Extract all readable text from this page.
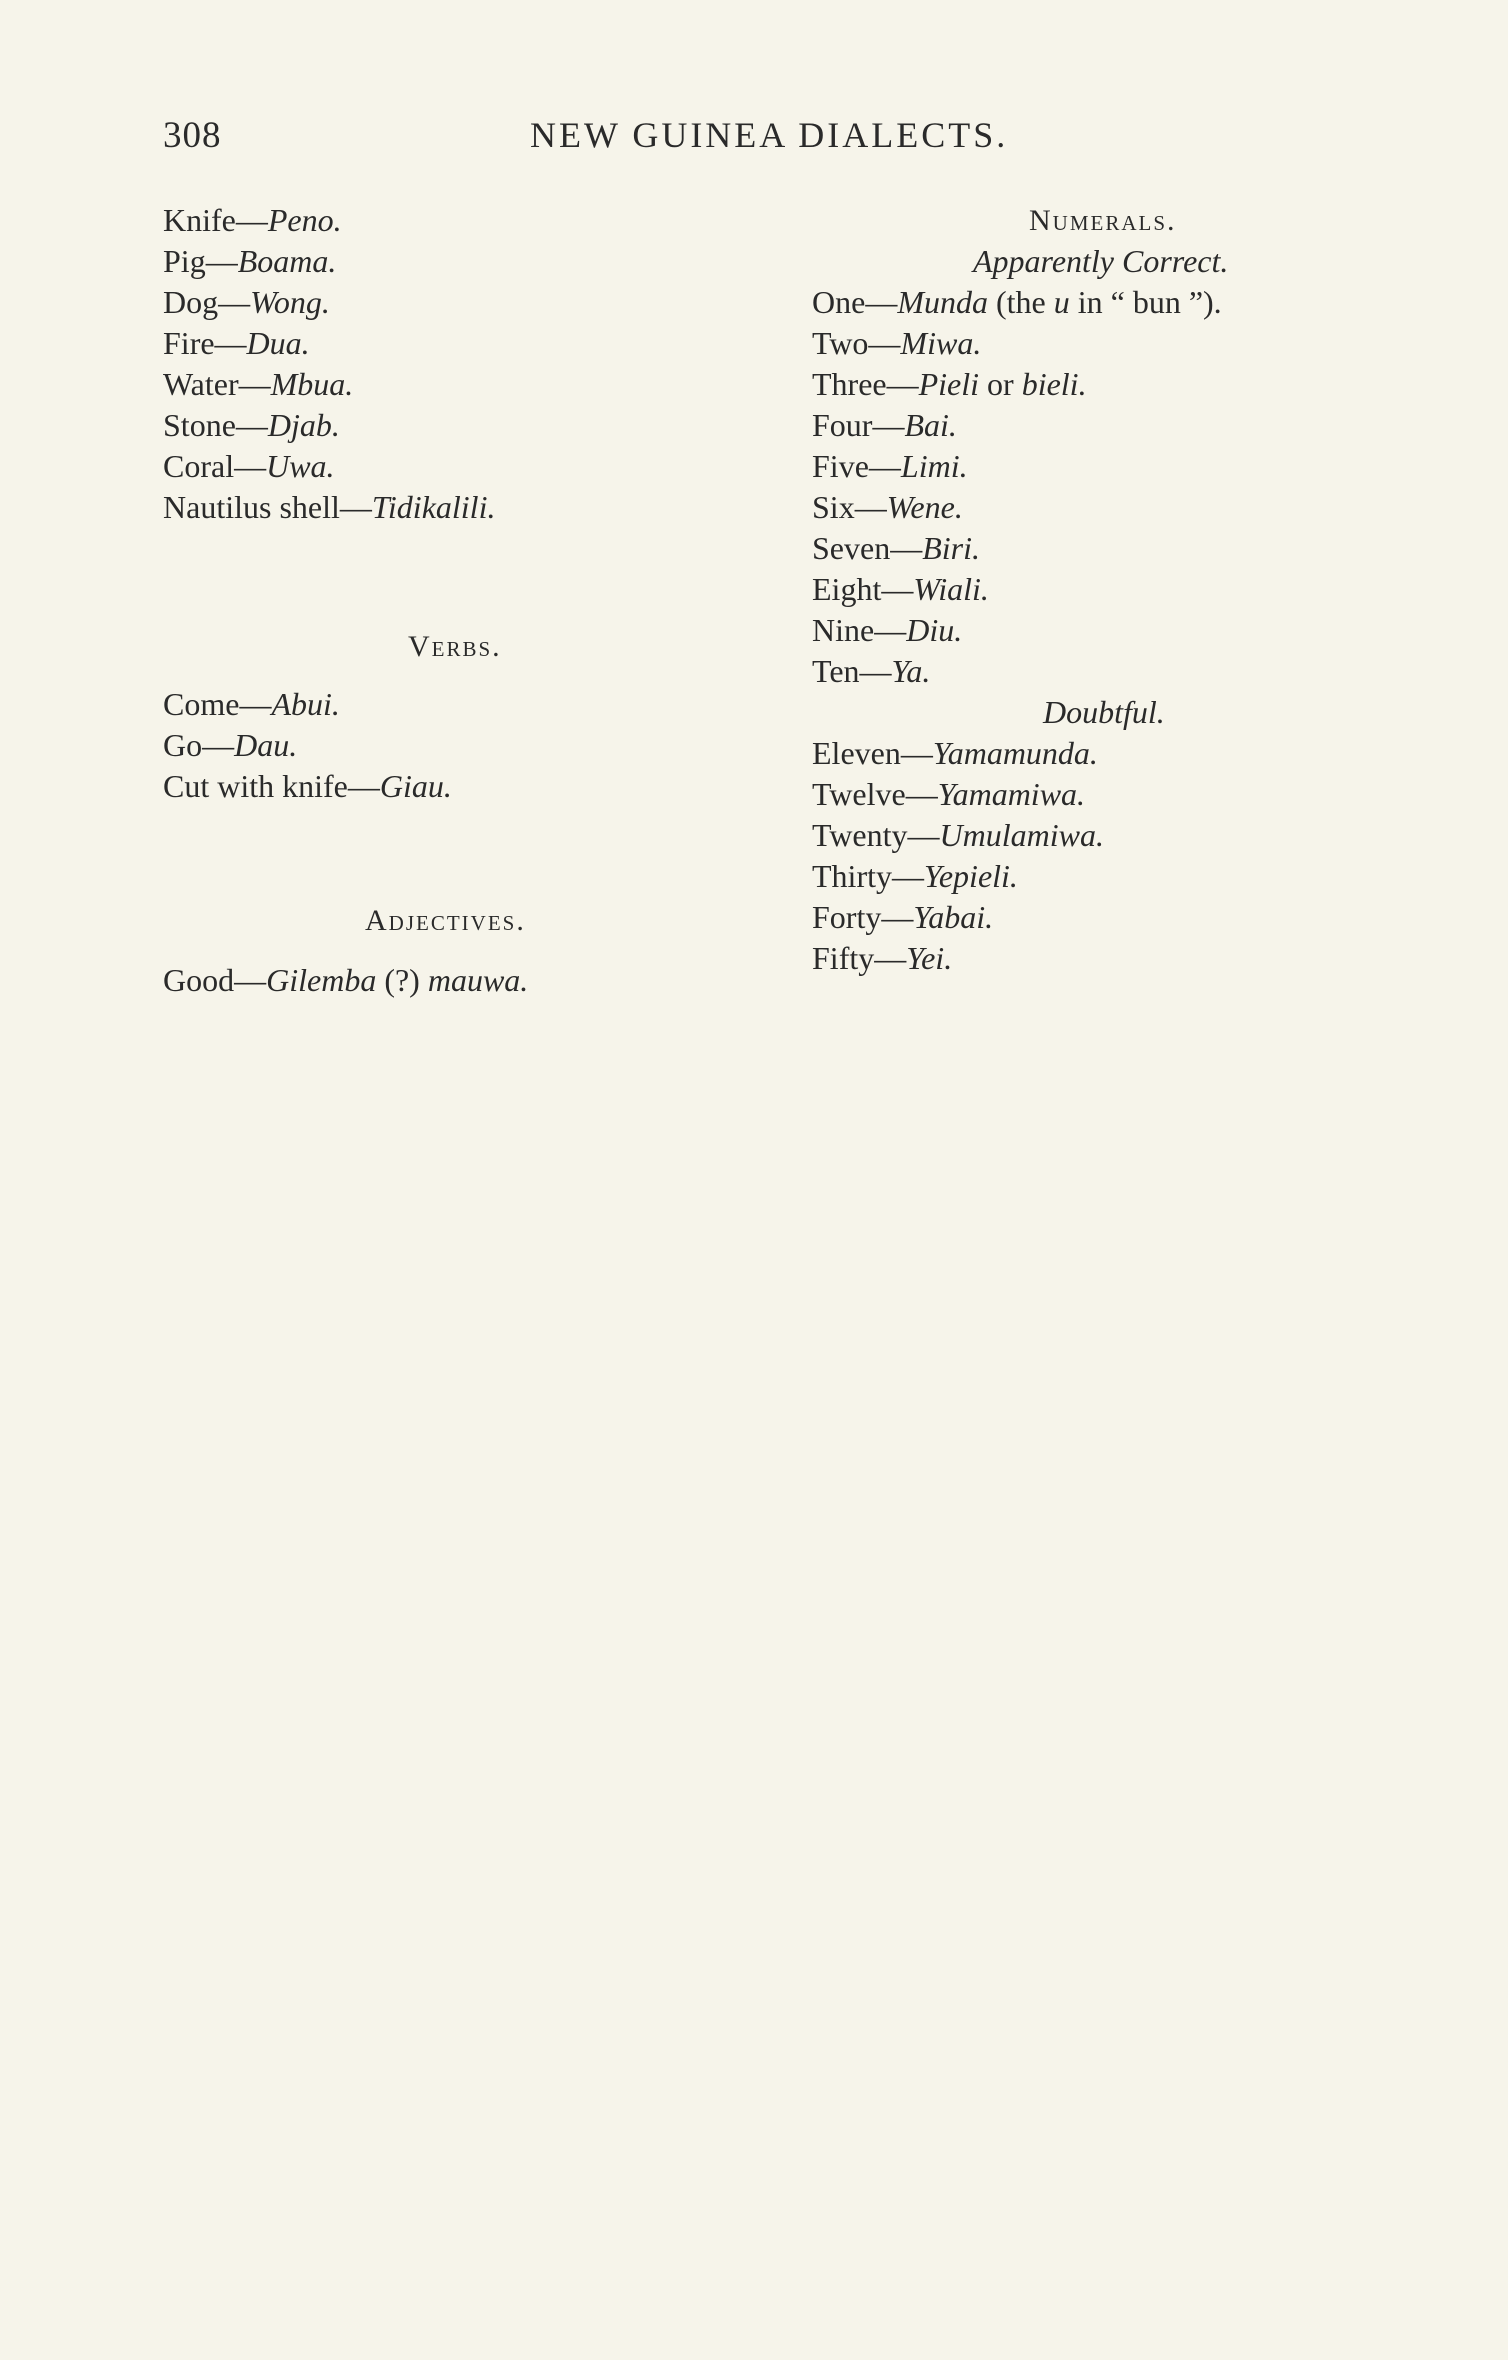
308	NEW GUINEA DIALECTS.
Knife—Peno.
Pig—Boama.
Dog—Wong.
Fire—Dua.
Water—Mbua.
Stone—Djab.
Coral—Uwa.
Nautilus shell—Tidikalili.
Verbs.
Come—Abui.
Go—Dau.
Cut with knife—Giau.
Adjectives.
Good—Gilemba (?) mauwa.
Numerals.
Apparently Correct.
One—Munda (the u in “ bun ”).
Two—Miwa.
Three—Pieli or bieli.
Four—Bai.
Five—Limi.
Six—Wene.
Seven—Biri.
Eight—Wiali.
Nine—Diu.
Ten—Ya.
Doubtful.
Eleven—Yamamunda.
Twelve—Yamamiwa.
Twenty—Umulamiwa.
Thirty—Yepieli.
Forty—Yabai.
Fifty—Yei.
